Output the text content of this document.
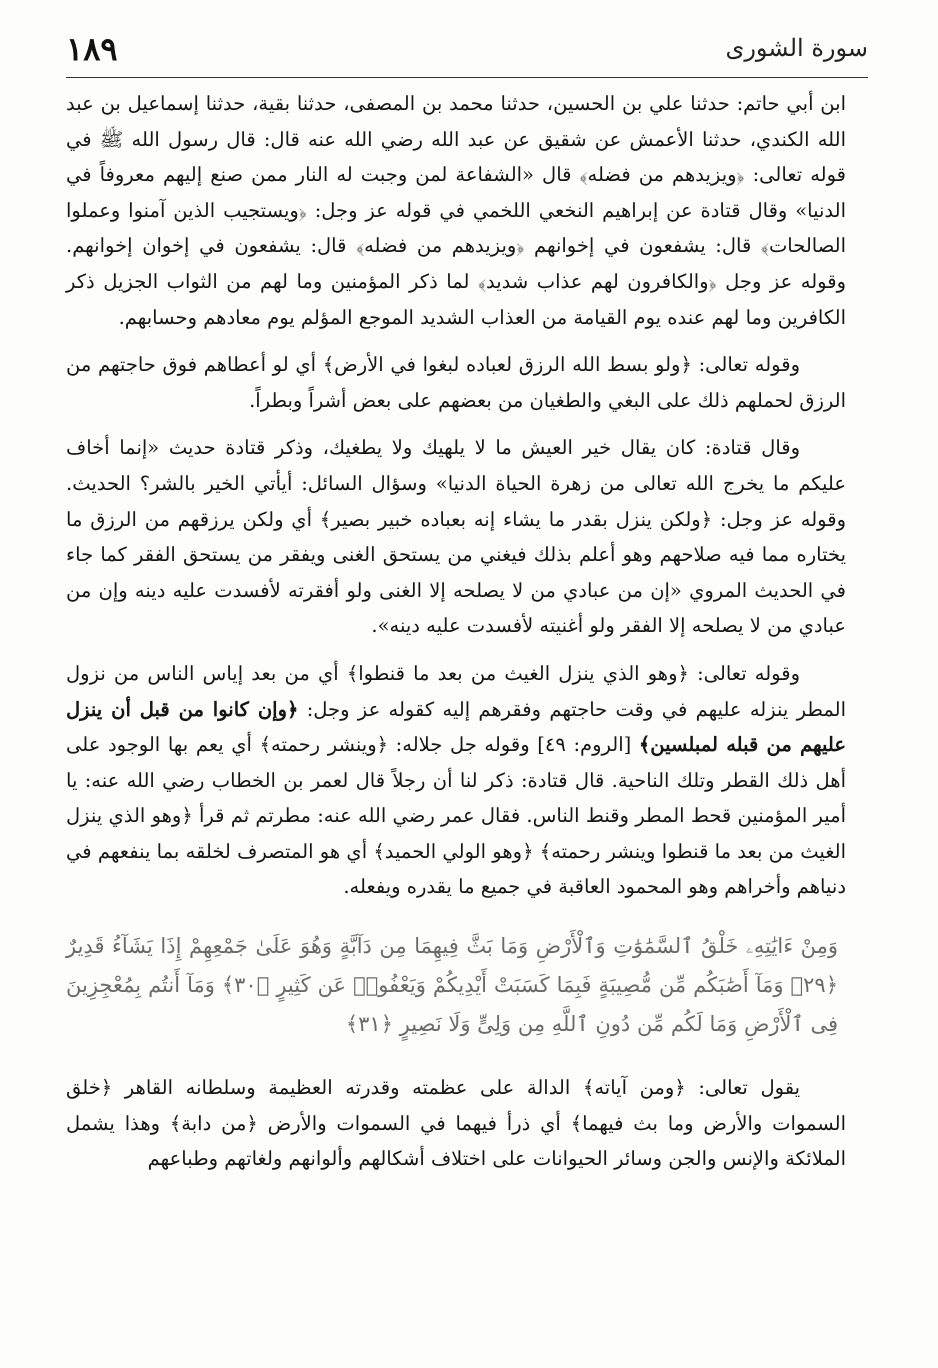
سورة الشورى
١٨٩

ابن أبي حاتم: حدثنا علي بن الحسين، حدثنا محمد بن المصفى، حدثنا بقية، حدثنا إسماعيل بن عبد الله الكندي، حدثنا الأعمش عن شقيق عن عبد الله رضي الله عنه قال: قال رسول الله ﷺ في قوله تعالى: ﴿ويزيدهم من فضله﴾ قال «الشفاعة لمن وجبت له النار ممن صنع إليهم معروفاً في الدنيا» وقال قتادة عن إبراهيم النخعي اللخمي في قوله عز وجل: ﴿ويستجيب الذين آمنوا وعملوا الصالحات﴾ قال: يشفعون في إخوانهم ﴿ويزيدهم من فضله﴾ قال: يشفعون في إخوان إخوانهم. وقوله عز وجل ﴿والكافرون لهم عذاب شديد﴾ لما ذكر المؤمنين وما لهم من الثواب الجزيل ذكر الكافرين وما لهم عنده يوم القيامة من العذاب الشديد الموجع المؤلم يوم معادهم وحسابهم.

وقوله تعالى: ﴿ولو بسط الله الرزق لعباده لبغوا في الأرض﴾ أي لو أعطاهم فوق حاجتهم من الرزق لحملهم ذلك على البغي والطغيان من بعضهم على بعض أشراً وبطراً.

وقال قتادة: كان يقال خير العيش ما لا يلهيك ولا يطغيك، وذكر قتادة حديث «إنما أخاف عليكم ما يخرج الله تعالى من زهرة الحياة الدنيا» وسؤال السائل: أيأتي الخير بالشر؟ الحديث. وقوله عز وجل: ﴿ولكن ينزل بقدر ما يشاء إنه بعباده خبير بصير﴾ أي ولكن يرزقهم من الرزق ما يختاره مما فيه صلاحهم وهو أعلم بذلك فيغني من يستحق الغنى ويفقر من يستحق الفقر كما جاء في الحديث المروي «إن من عبادي من لا يصلحه إلا الغنى ولو أفقرته لأفسدت عليه دينه وإن من عبادي من لا يصلحه إلا الفقر ولو أغنيته لأفسدت عليه دينه».

وقوله تعالى: ﴿وهو الذي ينزل الغيث من بعد ما قنطوا﴾ أي من بعد إياس الناس من نزول المطر ينزله عليهم في وقت حاجتهم وفقرهم إليه كقوله عز وجل: ﴿وإن كانوا من قبل أن ينزل عليهم من قبله لمبلسين﴾ [الروم: ٤٩] وقوله جل جلاله: ﴿وينشر رحمته﴾ أي يعم بها الوجود على أهل ذلك القطر وتلك الناحية. قال قتادة: ذكر لنا أن رجلاً قال لعمر بن الخطاب رضي الله عنه: يا أمير المؤمنين قحط المطر وقنط الناس. فقال عمر رضي الله عنه: مطرتم ثم قرأ ﴿وهو الذي ينزل الغيث من بعد ما قنطوا وينشر رحمته﴾ ﴿وهو الولي الحميد﴾ أي هو المتصرف لخلقه بما ينفعهم في دنياهم وأخراهم وهو المحمود العاقبة في جميع ما يقدره ويفعله.

وَمِنْ ءَايَٰتِهِۦ خَلْقُ ٱلسَّمَٰوَٰتِ وَٱلْأَرْضِ وَمَا بَثَّ فِيهِمَا مِن دَآبَّةٍ وَهُوَ عَلَىٰ جَمْعِهِمْ إِذَا يَشَآءُ قَدِيرٌ ﴿٢٩﴾ وَمَآ أَصَٰبَكُم مِّن مُّصِيبَةٍ فَبِمَا كَسَبَتْ أَيْدِيكُمْ وَيَعْفُوا۟ عَن كَثِيرٍ ﴿٣٠﴾ وَمَآ أَنتُم بِمُعْجِزِينَ فِى ٱلْأَرْضِ وَمَا لَكُم مِّن دُونِ ٱللَّهِ مِن وَلِىٍّ وَلَا نَصِيرٍ ﴿٣١﴾

يقول تعالى: ﴿ومن آياته﴾ الدالة على عظمته وقدرته العظيمة وسلطانه القاهر ﴿خلق السموات والأرض وما بث فيهما﴾ أي ذرأ فيهما في السموات والأرض ﴿من دابة﴾ وهذا يشمل الملائكة والإنس والجن وسائر الحيوانات على اختلاف أشكالهم وألوانهم ولغاتهم وطباعهم
